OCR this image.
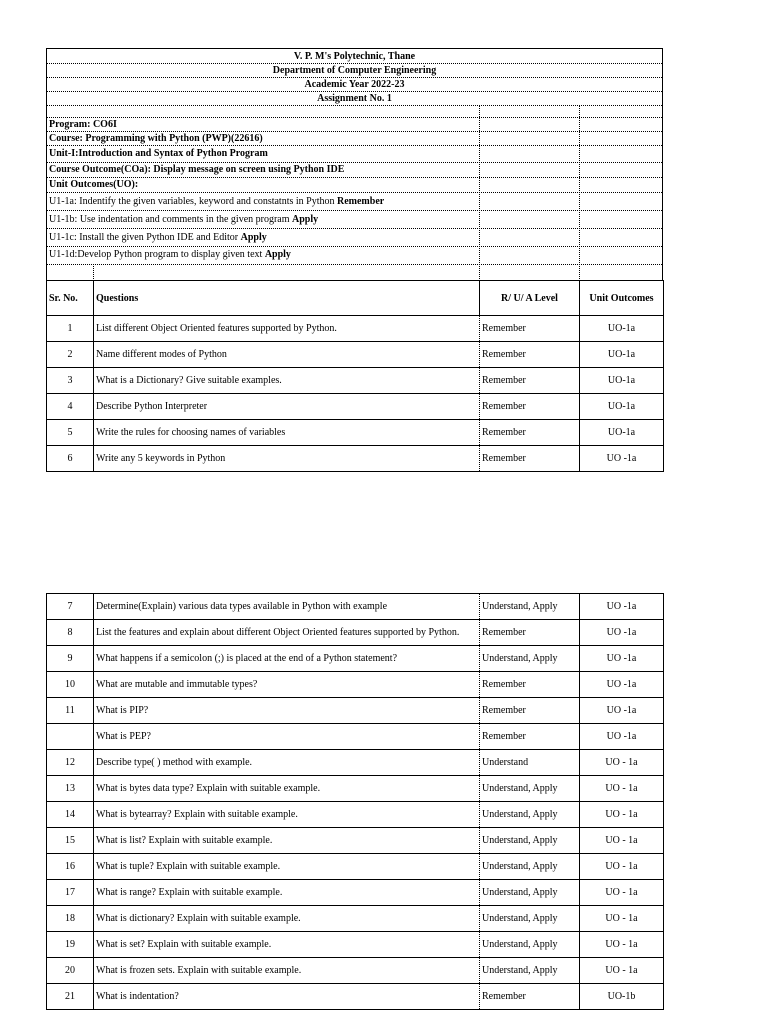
V. P. M's Polytechnic, Thane
Department of Computer Engineering
Academic Year 2022-23
Assignment No. 1
Program: CO6I
Course: Programming with Python (PWP)(22616)
Unit-I:Introduction and Syntax of Python Program
Course Outcome(COa): Display message on screen using Python IDE
Unit Outcomes(UO):
U1-1a: Indentify the given variables, keyword and constatnts in Python Remember
U1-1b: Use indentation and comments in the given program Apply
U1-1c: Install the given Python IDE and Editor Apply
U1-1d:Develop Python program to display given text Apply
Sr. No.	Questions	R/ U/ A Level	Unit Outcomes
1	List different Object Oriented features supported by Python.	Remember	UO-1a
2	Name different modes of Python	Remember	UO-1a
3	What is a Dictionary? Give suitable examples.	Remember	UO-1a
4	Describe Python Interpreter	Remember	UO-1a
5	Write the rules for choosing names of variables	Remember	UO-1a
6	Write any 5 keywords in Python	Remember	UO -1a
7	Determine(Explain) various data types available in Python with example	Understand, Apply	UO -1a
8	List the features and explain about different Object Oriented features supported by Python.	Remember	UO -1a
9	What happens if a semicolon (;) is placed at the end of a Python statement?	Understand, Apply	UO -1a
10	What are mutable and immutable types?	Remember	UO -1a
11	What is PIP?	Remember	UO -1a
	What is PEP?	Remember	UO -1a
12	Describe type( ) method with example.	Understand	UO - 1a
13	What is bytes data type? Explain with suitable example.	Understand, Apply	UO - 1a
14	What is bytearray? Explain with suitable example.	Understand, Apply	UO - 1a
15	What is list? Explain with suitable example.	Understand, Apply	UO - 1a
16	What is tuple? Explain with suitable example.	Understand, Apply	UO - 1a
17	What is range? Explain with suitable example.	Understand, Apply	UO - 1a
18	What is dictionary? Explain with suitable example.	Understand, Apply	UO - 1a
19	What is set? Explain with suitable example.	Understand, Apply	UO - 1a
20	What is frozen sets. Explain with suitable example.	Understand, Apply	UO - 1a
21	What is indentation?	Remember	UO-1b
